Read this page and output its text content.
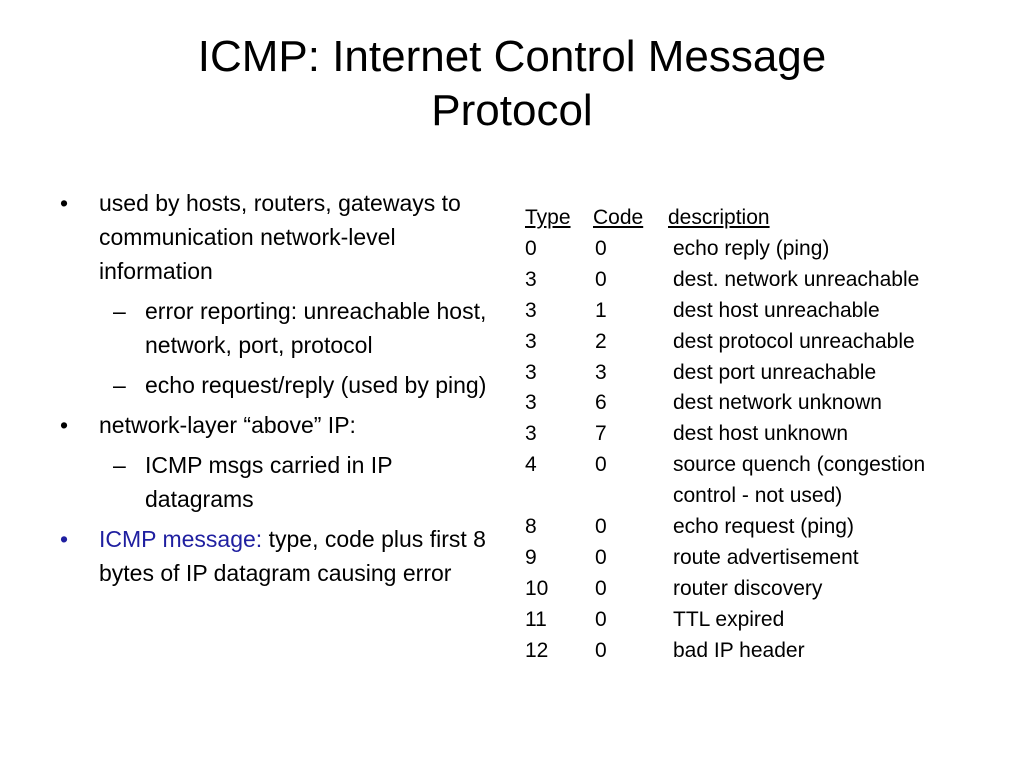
ICMP: Internet Control Message
Protocol
• used by hosts, routers, gateways to communication network-level information
– error reporting: unreachable host, network, port, protocol
– echo request/reply (used by ping)
• network-layer “above” IP:
– ICMP msgs carried in IP datagrams
• ICMP message: type, code plus first 8 bytes of IP datagram causing error
Type	Code	description
0	0	echo reply (ping)
3	0	dest. network unreachable
3	1	dest host unreachable
3	2	dest protocol unreachable
3	3	dest port unreachable
3	6	dest network unknown
3	7	dest host unknown
4	0	source quench (congestion control - not used)
8	0	echo request (ping)
9	0	route advertisement
10	0	router discovery
11	0	TTL expired
12	0	bad IP header
